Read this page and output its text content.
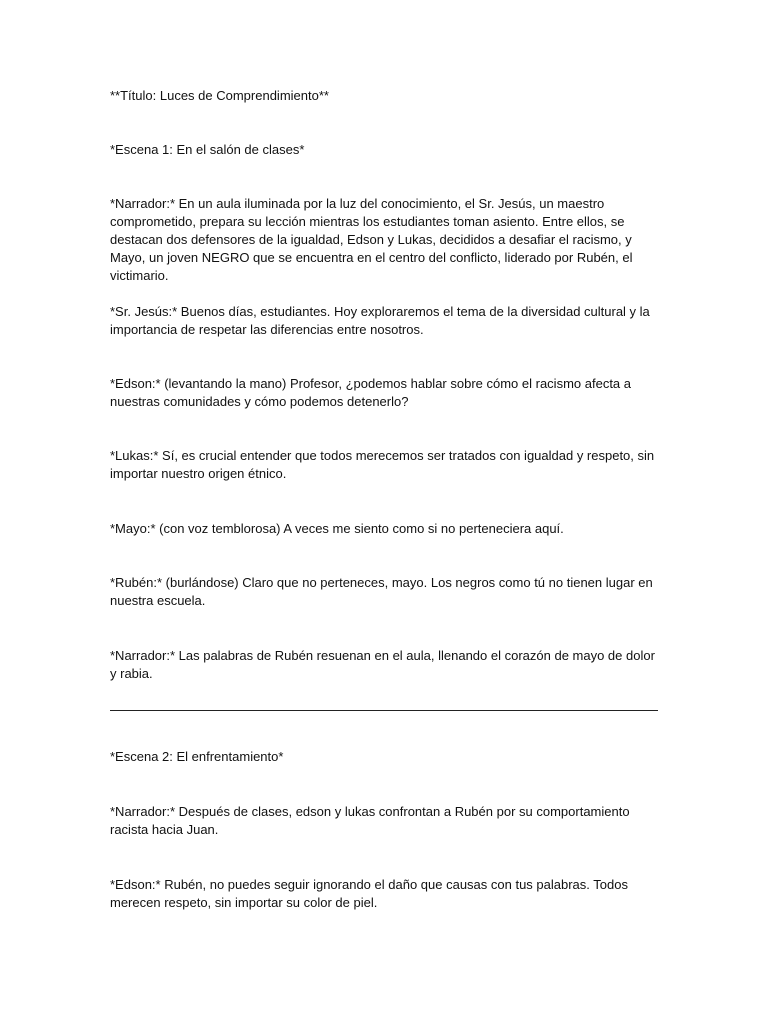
**Título: Luces de Comprendimiento**
*Escena 1: En el salón de clases*
*Narrador:* En un aula iluminada por la luz del conocimiento, el Sr. Jesús, un maestro comprometido, prepara su lección mientras los estudiantes toman asiento. Entre ellos, se destacan dos defensores de la igualdad, Edson y Lukas, decididos a desafiar el racismo, y Mayo, un joven NEGRO que se encuentra en el centro del conflicto, liderado por Rubén, el victimario.
*Sr. Jesús:* Buenos días, estudiantes. Hoy exploraremos el tema de la diversidad cultural y la importancia de respetar las diferencias entre nosotros.
*Edson:* (levantando la mano) Profesor, ¿podemos hablar sobre cómo el racismo afecta a nuestras comunidades y cómo podemos detenerlo?
*Lukas:* Sí, es crucial entender que todos merecemos ser tratados con igualdad y respeto, sin importar nuestro origen étnico.
*Mayo:* (con voz temblorosa) A veces me siento como si no perteneciera aquí.
*Rubén:* (burlándose) Claro que no perteneces, mayo. Los negros como tú no tienen lugar en nuestra escuela.
*Narrador:* Las palabras de Rubén resuenan en el aula, llenando el corazón de mayo de dolor y rabia.
*Escena 2: El enfrentamiento*
*Narrador:* Después de clases, edson y lukas confrontan a Rubén por su comportamiento racista hacia Juan.
*Edson:* Rubén, no puedes seguir ignorando el daño que causas con tus palabras. Todos merecen respeto, sin importar su color de piel.
